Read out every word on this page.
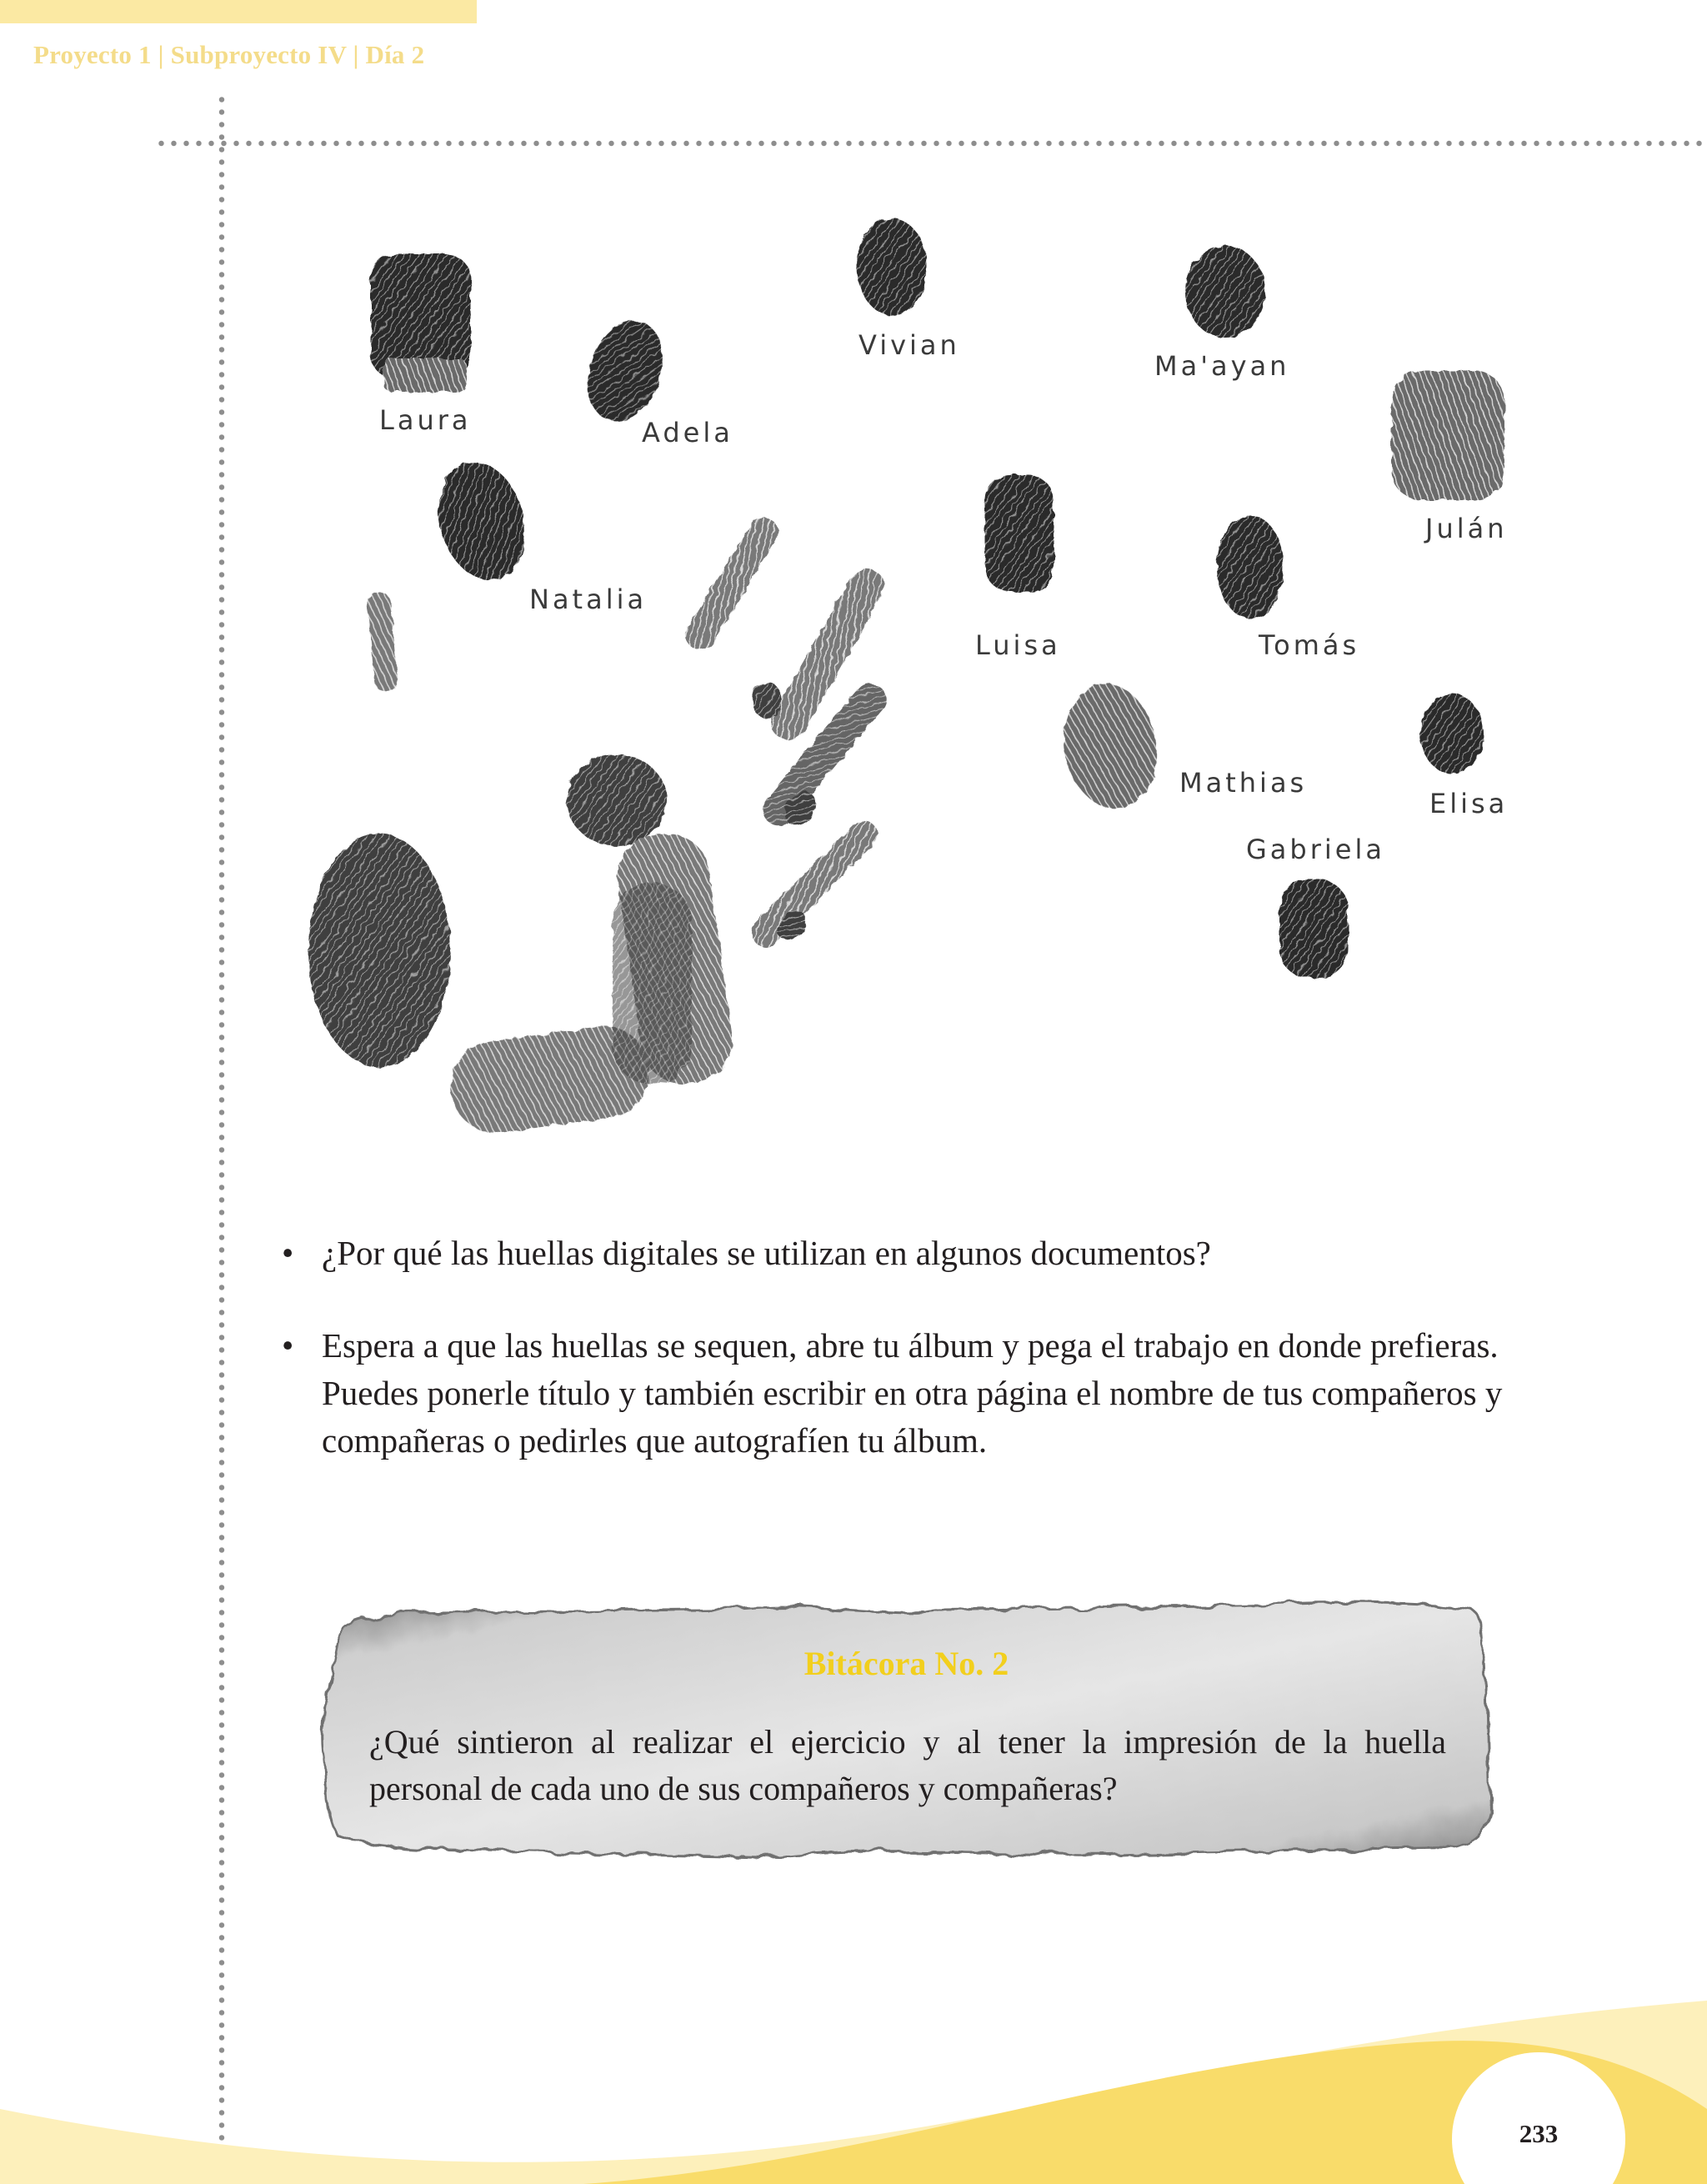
Proyecto 1 | Subproyecto IV | Día 2
Laura	Adela
Vivian
Ma'ayan
Julán
Natalia
Luisa	Tomás
Mathias
Elisa
Gabriela
• ¿Por qué las huellas digitales se utilizan en algunos documentos?
• Espera a que las huellas se sequen, abre tu álbum y pega el trabajo en donde prefieras. Puedes ponerle título y también escribir en otra página el nombre de tus compañeros y compañeras o pedirles que autografíen tu álbum.
Bitácora No. 2
¿Qué sintieron al realizar el ejercicio y al tener la impresión de la huella personal de cada uno de sus compañeros y compañeras?
233
